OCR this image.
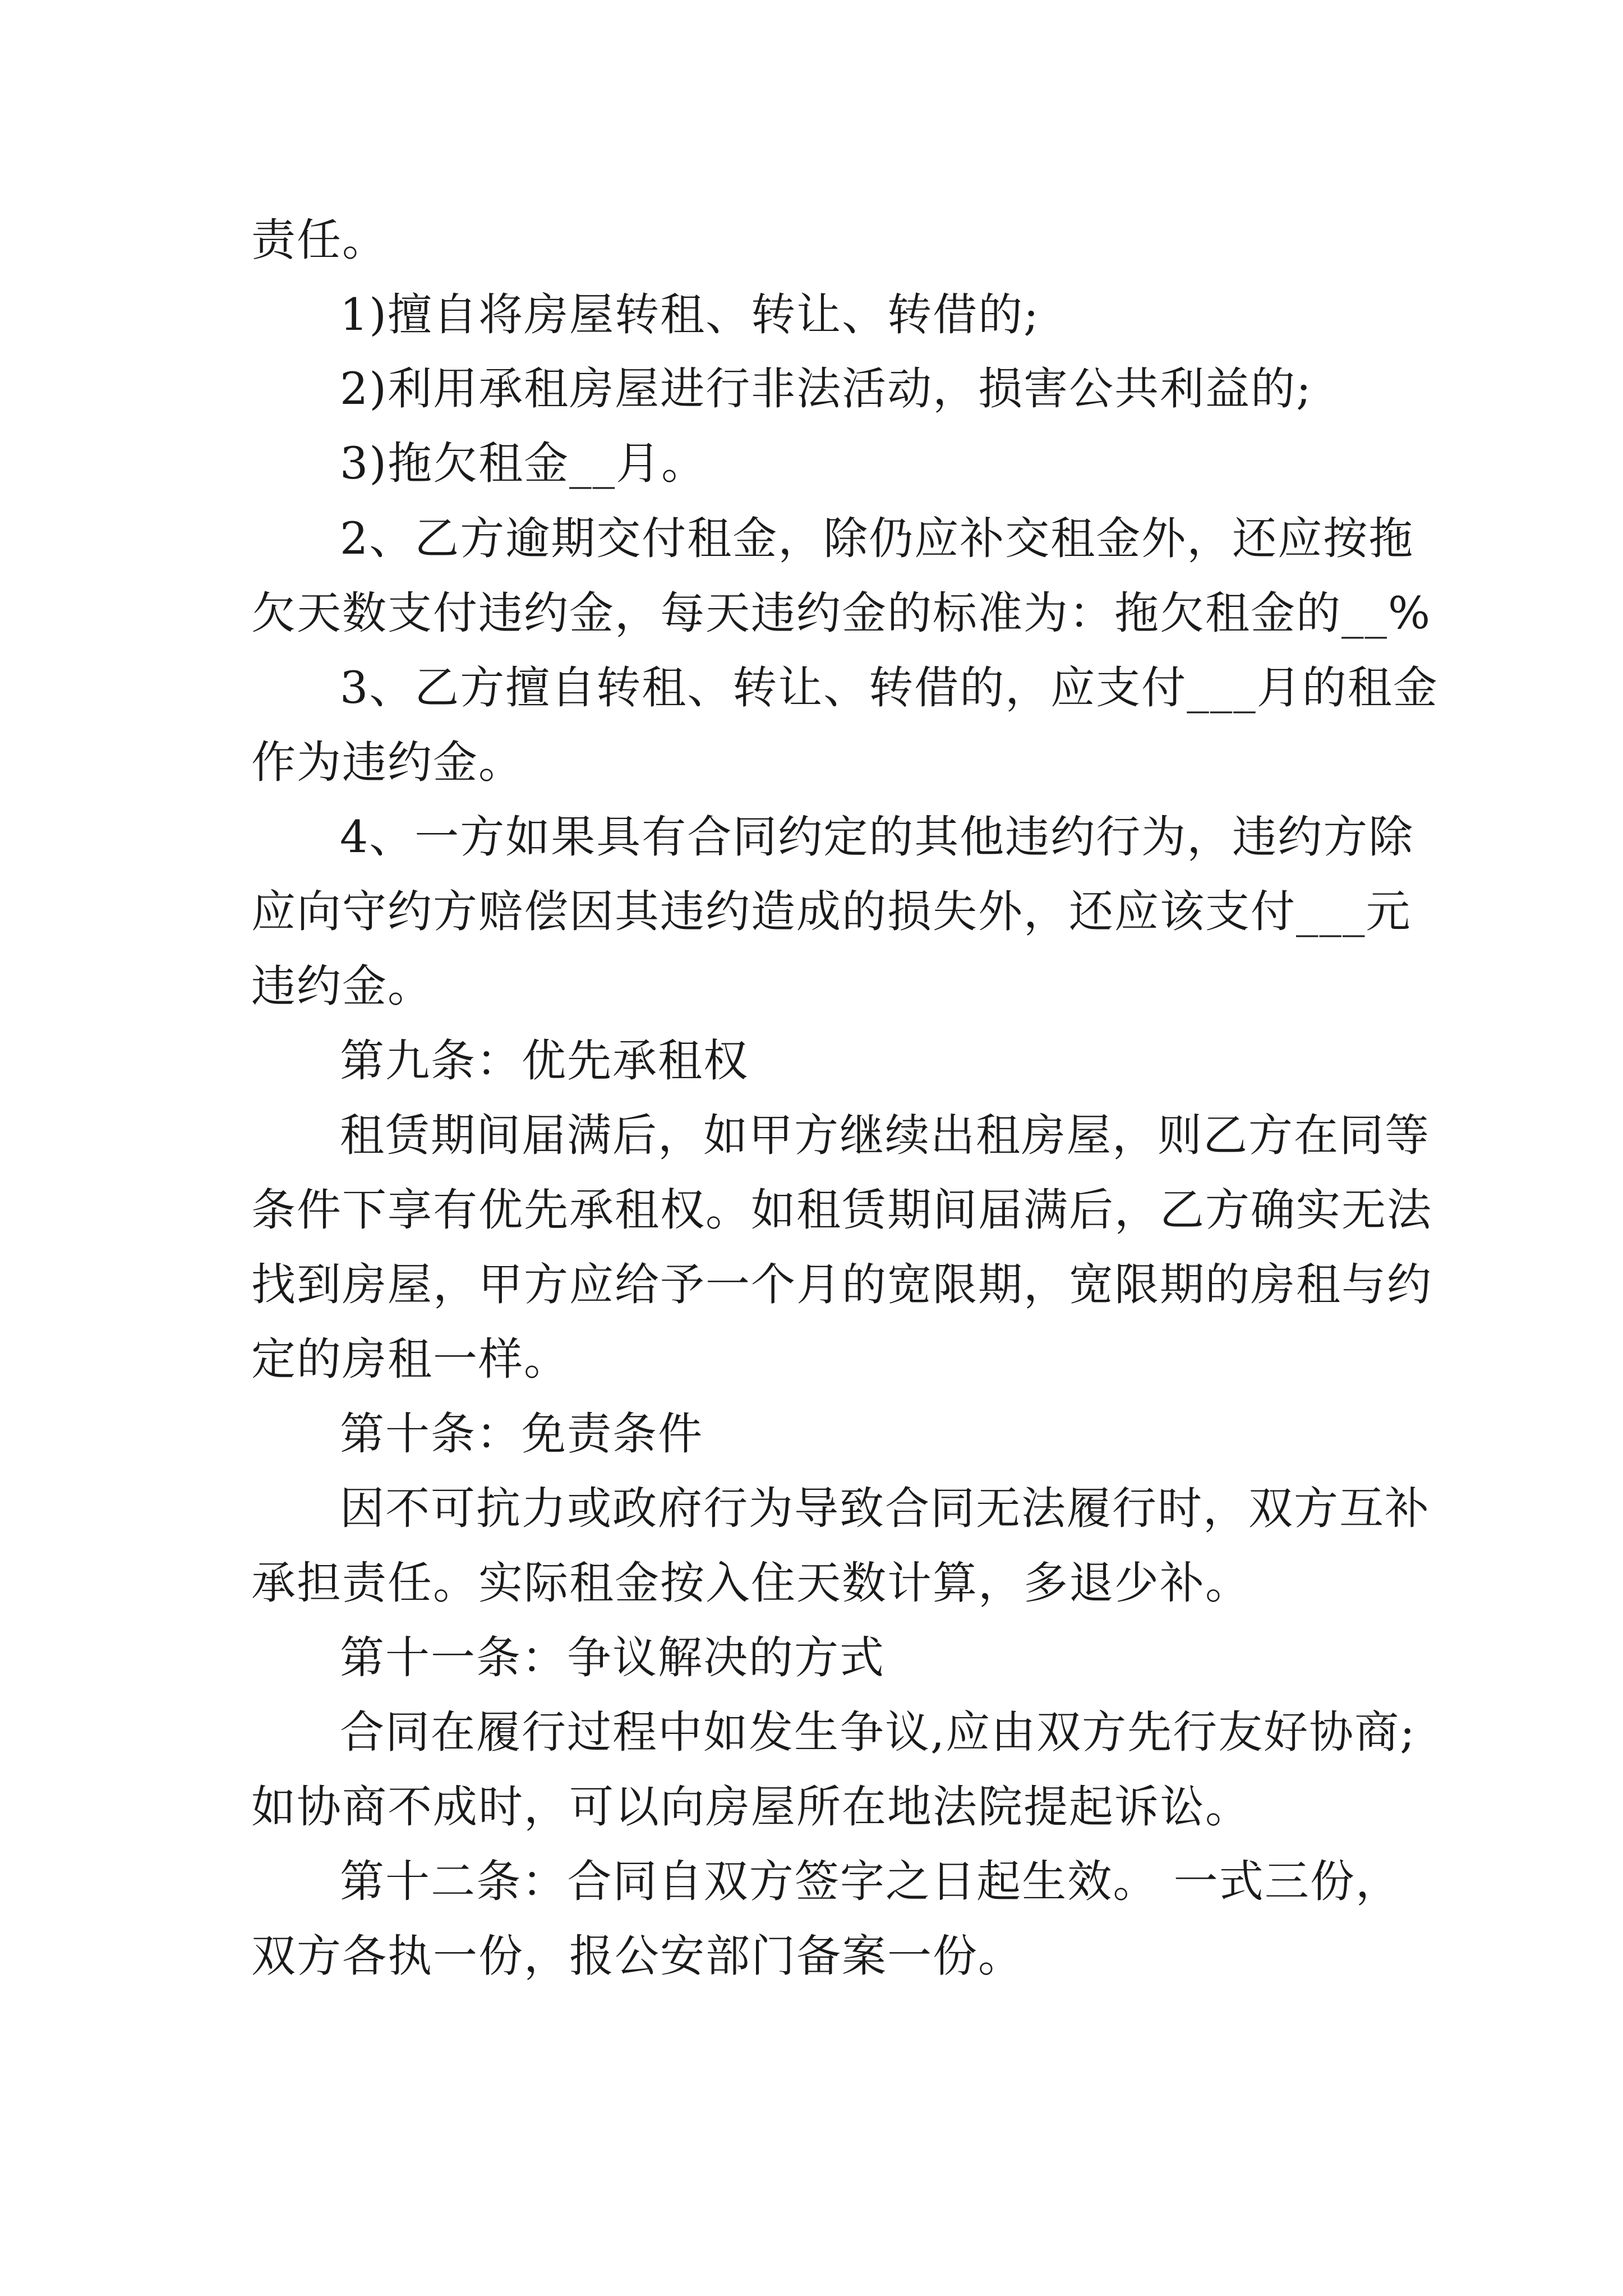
责任。
1)擅自将房屋转租、转让、转借的;
2)利用承租房屋进行非法活动，损害公共利益的;
3)拖欠租金__月。
2、乙方逾期交付租金，除仍应补交租金外，还应按拖
欠天数支付违约金，每天违约金的标准为：拖欠租金的__%
3、乙方擅自转租、转让、转借的，应支付___月的租金
作为违约金。
4、一方如果具有合同约定的其他违约行为，违约方除
应向守约方赔偿因其违约造成的损失外，还应该支付___元
违约金。
第九条：优先承租权
租赁期间届满后，如甲方继续出租房屋，则乙方在同等
条件下享有优先承租权。如租赁期间届满后，乙方确实无法
找到房屋，甲方应给予一个月的宽限期，宽限期的房租与约
定的房租一样。
第十条：免责条件
因不可抗力或政府行为导致合同无法履行时，双方互补
承担责任。实际租金按入住天数计算，多退少补。
第十一条：争议解决的方式
合同在履行过程中如发生争议,应由双方先行友好协商;
如协商不成时，可以向房屋所在地法院提起诉讼。
第十二条：合同自双方签字之日起生效。 一式三份，
双方各执一份，报公安部门备案一份。
